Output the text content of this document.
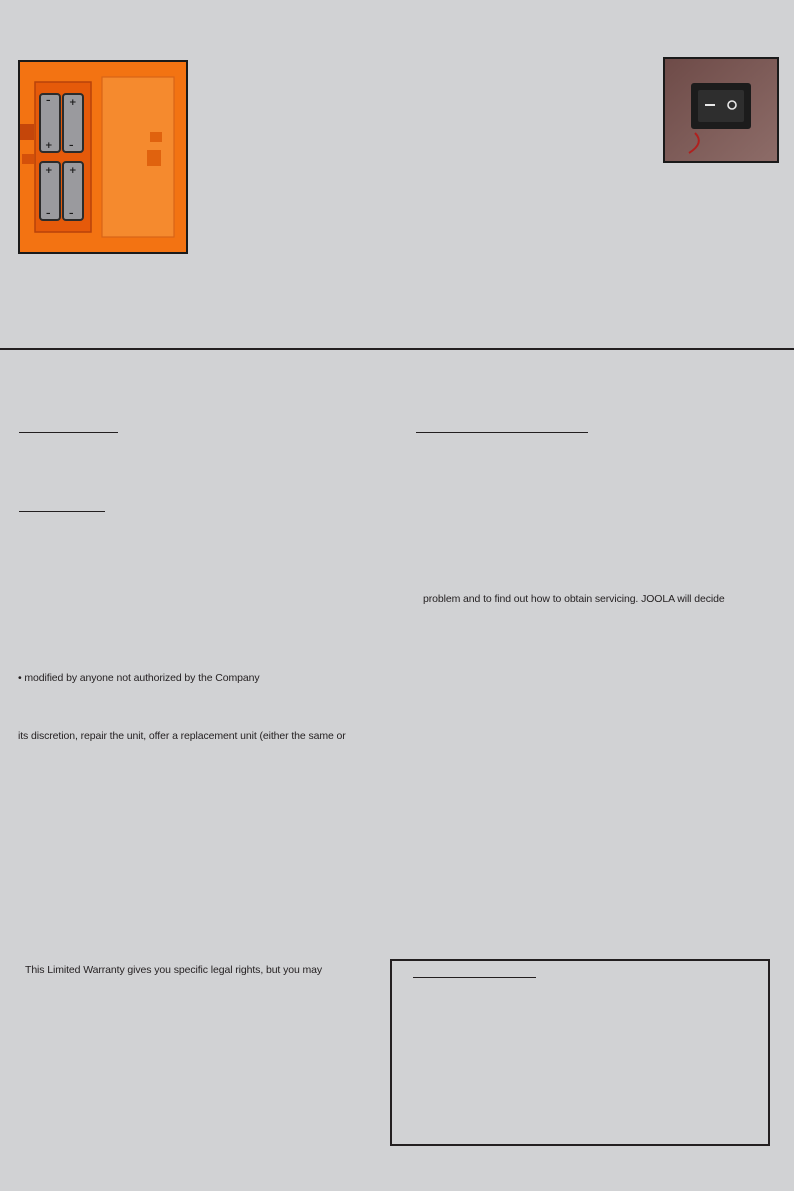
– +
+ –
+ +
– –
problem and to find out how to obtain servicing. JOOLA will decide
• modified by anyone not authorized by the Company
its discretion, repair the unit, offer a replacement unit (either the same or
This Limited Warranty gives you specific legal rights, but you may
